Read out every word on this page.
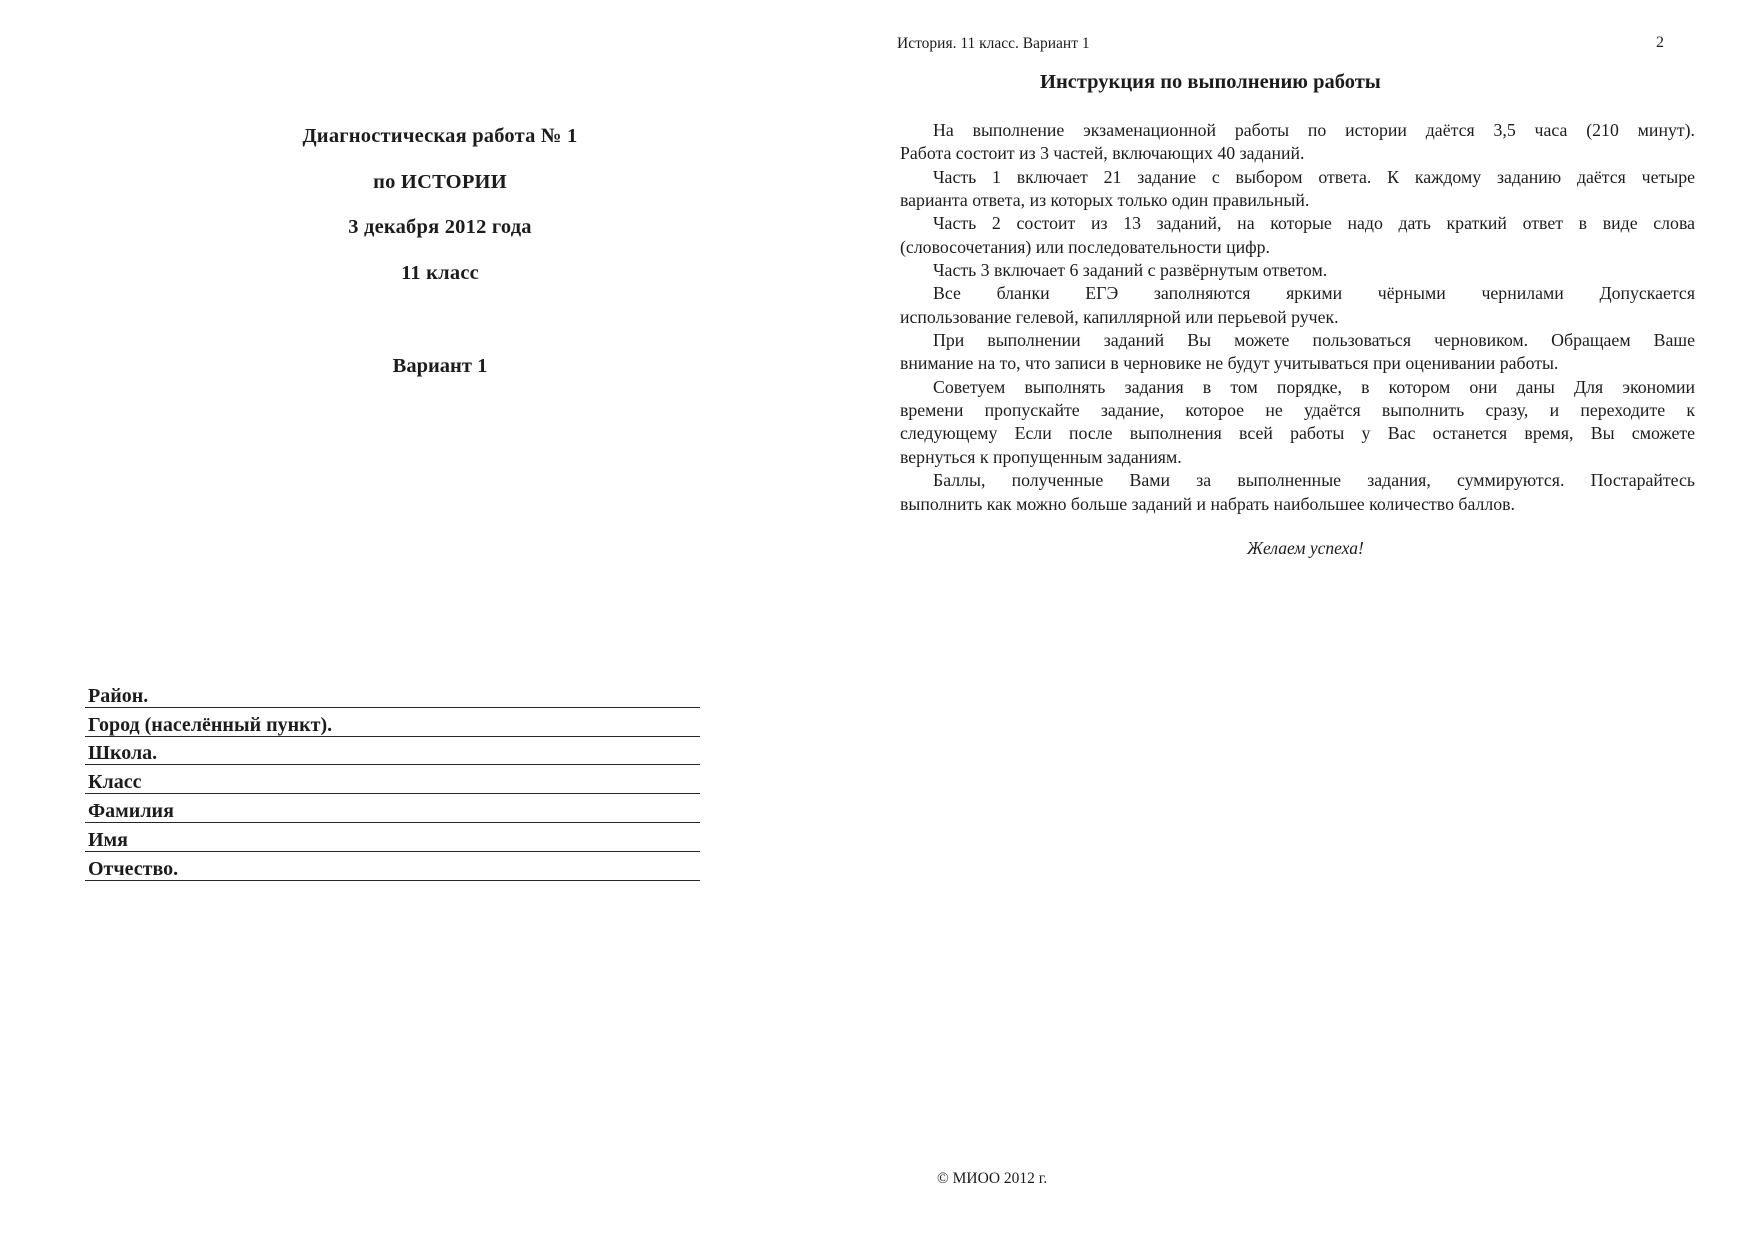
Диагностическая работа № 1
по ИСТОРИИ
3 декабря 2012 года
11 класс
Вариант 1
Район.
Город (населённый пункт).
Школа.
Класс
Фамилия
Имя
Отчество.
История. 11 класс. Вариант 1	2
Инструкция по выполнению работы
На выполнение экзаменационной работы по истории даётся 3,5 часа (210 минут).
Работа состоит из 3 частей, включающих 40 заданий.
Часть 1 включает 21 задание с выбором ответа. К каждому заданию даётся четыре
варианта ответа, из которых только один правильный.
Часть 2 состоит из 13 заданий, на которые надо дать краткий ответ в виде слова
(словосочетания) или последовательности цифр.
Часть 3 включает 6 заданий с развёрнутым ответом.
Все бланки ЕГЭ заполняются яркими чёрными чернилами Допускается
использование гелевой, капиллярной или перьевой ручек.
При выполнении заданий Вы можете пользоваться черновиком. Обращаем Ваше
внимание на то, что записи в черновике не будут учитываться при оценивании работы.
Советуем выполнять задания в том порядке, в котором они даны Для экономии
времени пропускайте задание, которое не удаётся выполнить сразу, и переходите к
следующему Если после выполнения всей работы у Вас останется время, Вы сможете
вернуться к пропущенным заданиям.
Баллы, полученные Вами за выполненные задания, суммируются. Постарайтесь
выполнить как можно больше заданий и набрать наибольшее количество баллов.
Желаем успеха!
© МИОО 2012 г.
